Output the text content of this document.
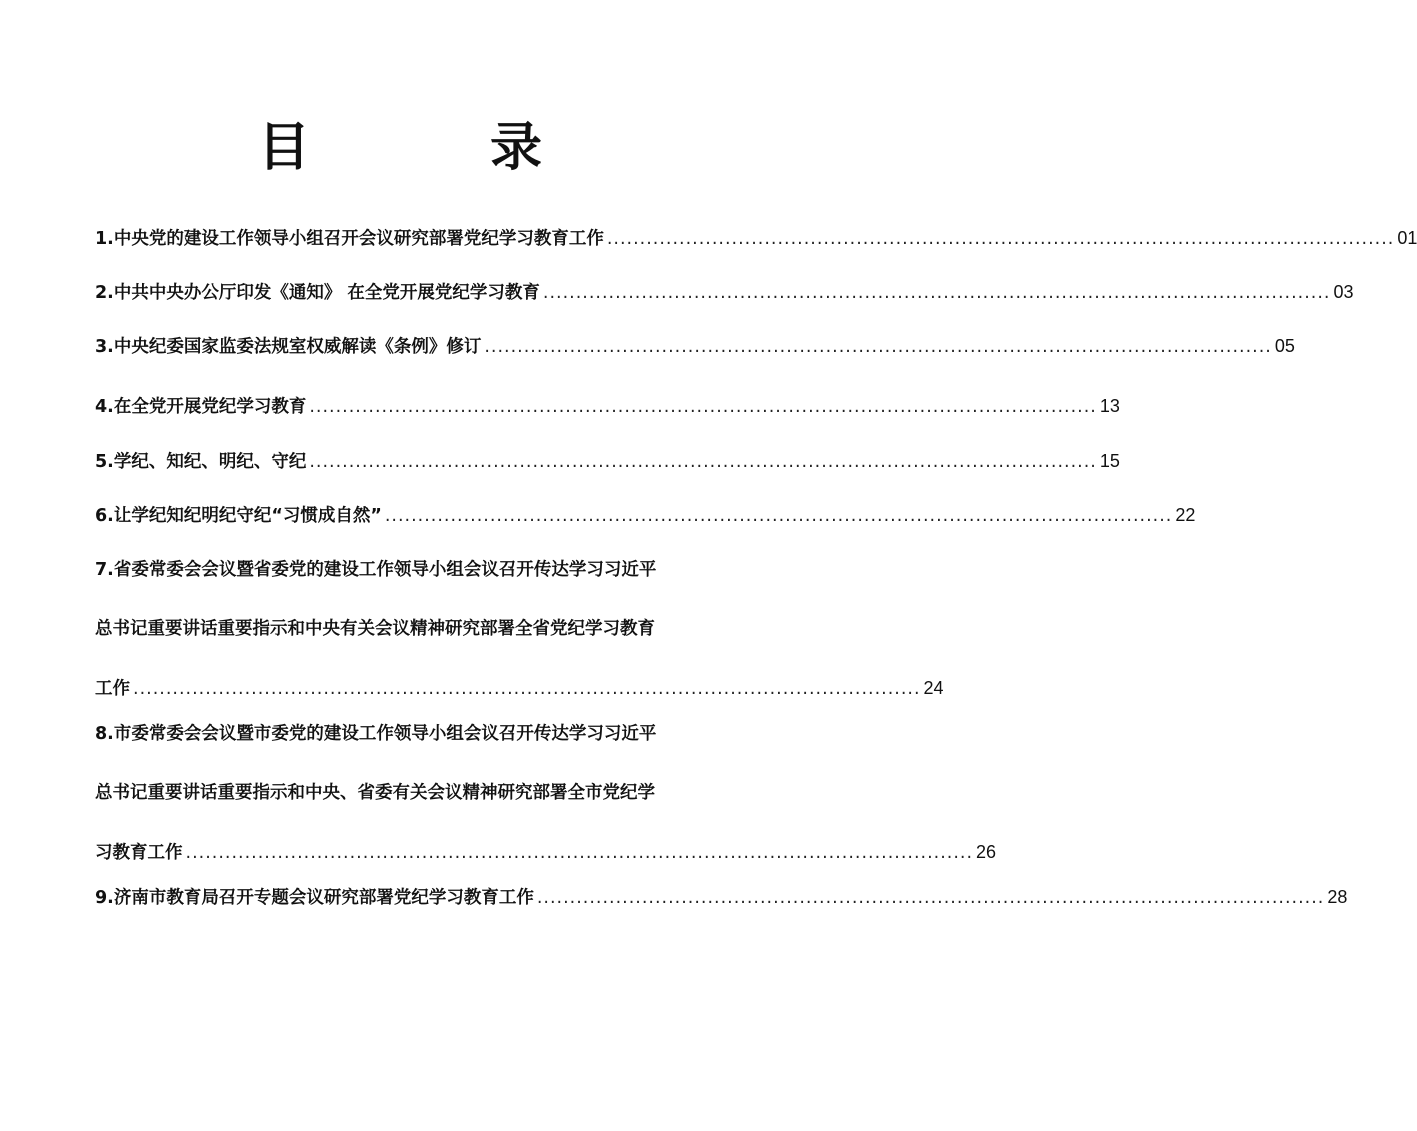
目　录
1.中央党的建设工作领导小组召开会议研究部署党纪学习教育工作 ........................................................................................................................ 01
2.中共中央办公厅印发《通知》 在全党开展党纪学习教育 ........................................................................................................................ 03
3.中央纪委国家监委法规室权威解读《条例》修订 ........................................................................................................................ 05
4.在全党开展党纪学习教育 ........................................................................................................................ 13
5.学纪、知纪、明纪、守纪 ........................................................................................................................ 15
6.让学纪知纪明纪守纪“习惯成自然” ........................................................................................................................ 22
7.省委常委会会议暨省委党的建设工作领导小组会议召开传达学习习近平
总书记重要讲话重要指示和中央有关会议精神研究部署全省党纪学习教育
工作 ........................................................................................................................ 24
8.市委常委会会议暨市委党的建设工作领导小组会议召开传达学习习近平
总书记重要讲话重要指示和中央、省委有关会议精神研究部署全市党纪学
习教育工作 ........................................................................................................................ 26
9.济南市教育局召开专题会议研究部署党纪学习教育工作 ........................................................................................................................ 28
